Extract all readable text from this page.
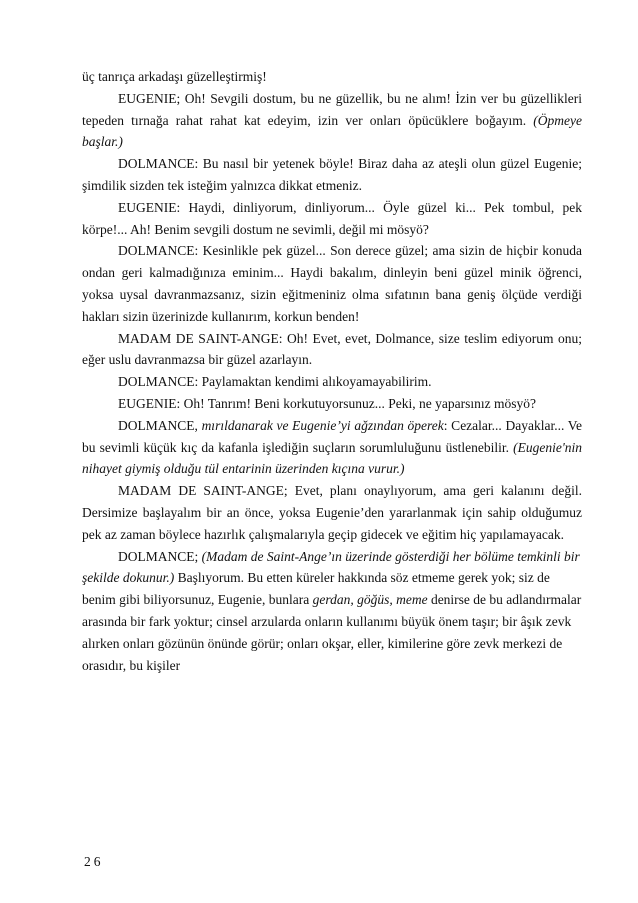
üç tanrıça arkadaşı güzelleştirmiş!

EUGENIE; Oh! Sevgili dostum, bu ne güzellik, bu ne alım! İzin ver bu güzellikleri tepeden tırnağa rahat rahat kat edeyim, izin ver onları öpücüklere boğayım. (Öpmeye başlar.)

DOLMANCE: Bu nasıl bir yetenek böyle! Biraz daha az ateşli olun güzel Eugenie; şimdilik sizden tek isteğim yalnızca dikkat etmeniz.

EUGENIE: Haydi, dinliyorum, dinliyorum... Öyle güzel ki... Pek tombul, pek körpe!... Ah! Benim sevgili dostum ne sevimli, değil mi mösyö?

DOLMANCE: Kesinlikle pek güzel... Son derece güzel; ama sizin de hiçbir konuda ondan geri kalmadığınıza eminim... Haydi bakalım, dinleyin beni güzel minik öğrenci, yoksa uysal davranmazsanız, sizin eğitmeniniz olma sıfatının bana geniş ölçüde verdiği hakları sizin üzerinizde kullanırım, korkun benden!

MADAM DE SAINT-ANGE: Oh! Evet, evet, Dolmance, size teslim ediyorum onu; eğer uslu davranmazsa bir güzel azarlayın.

DOLMANCE: Paylamaktan kendimi alıkoyamayabilirim.

EUGENIE: Oh! Tanrım! Beni korkutuyorsunuz... Peki, ne yaparsınız mösyö?

DOLMANCE, mırıldanarak ve Eugenie’yi ağzından öperek: Cezalar... Dayaklar... Ve bu sevimli küçük kıç da kafanla işlediğin suçların sorumluluğunu üstlenebilir. (Eugenie'nin nihayet giymiş olduğu tül entarinin üzerinden kıçına vurur.)

MADAM DE SAINT-ANGE; Evet, planı onaylıyorum, ama geri kalanını değil. Dersimize başlayalım bir an önce, yoksa Eugenie’den yararlanmak için sahip olduğumuz pek az zaman böylece hazırlık çalışmalarıyla geçip gidecek ve eğitim hiç yapılamayacak.

DOLMANCE; (Madam de Saint-Ange’ın üzerinde gösterdiği her bölüme temkinli bir şekilde dokunur.) Başlıyorum. Bu etten küreler hakkında söz etmeme gerek yok; siz de benim gibi biliyorsunuz, Eugenie, bunlara gerdan, göğüs, meme denirse de bu adlandırmalar arasında bir fark yoktur; cinsel arzularda onların kullanımı büyük önem taşır; bir âşık zevk alırken onları gözünün önünde görür; onları okşar, eller, kimilerine göre zevk merkezi de orasıdır, bu kişiler

26
